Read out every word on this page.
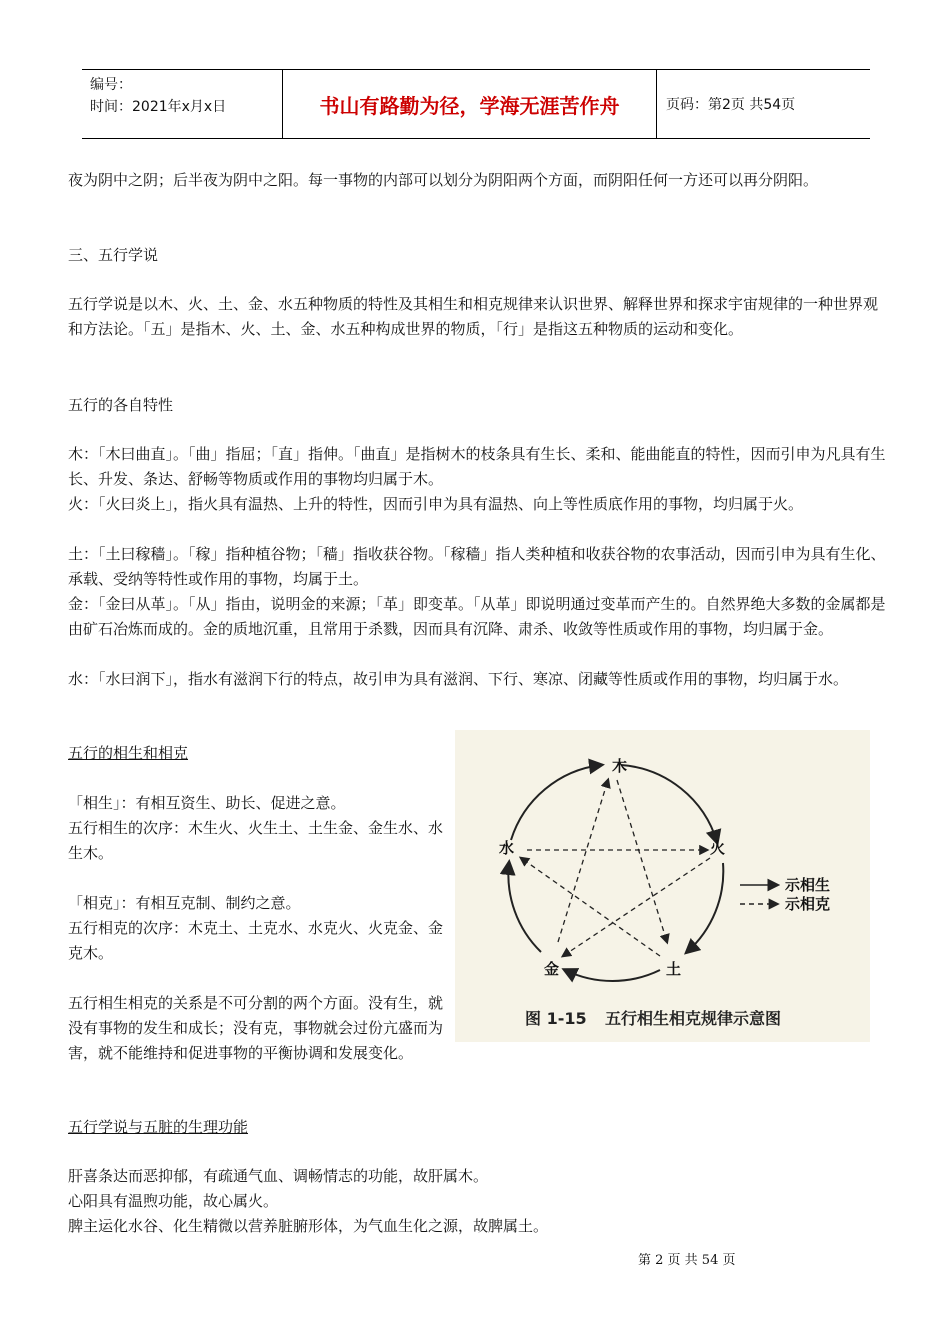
编号：
时间：2021年x月x日	书山有路勤为径，学海无涯苦作舟	页码：第2页 共54页

夜为阴中之阴；后半夜为阴中之阳。每一事物的内部可以划分为阴阳两个方面，而阴阳任何一方还可以再分阴阳。

三、五行学说

五行学说是以木、火、土、金、水五种物质的特性及其相生和相克规律来认识世界、解释世界和探求宇宙规律的一种世界观和方法论。「五」是指木、火、土、金、水五种构成世界的物质，「行」是指这五种物质的运动和变化。

五行的各自特性

木：「木曰曲直」。「曲」指屈；「直」指伸。「曲直」是指树木的枝条具有生长、柔和、能曲能直的特性，因而引申为凡具有生长、升发、条达、舒畅等物质或作用的事物均归属于木。

火：「火曰炎上」，指火具有温热、上升的特性，因而引申为具有温热、向上等性质底作用的事物，均归属于火。

土：「土曰稼穑」。「稼」指种植谷物；「穑」指收获谷物。「稼穑」指人类种植和收获谷物的农事活动，因而引申为具有生化、承载、受纳等特性或作用的事物，均属于土。

金：「金曰从革」。「从」指由，说明金的来源；「革」即变革。「从革」即说明通过变革而产生的。自然界绝大多数的金属都是由矿石冶炼而成的。金的质地沉重，且常用于杀戮，因而具有沉降、肃杀、收敛等性质或作用的事物，均归属于金。

水：「水曰润下」，指水有滋润下行的特点，故引申为具有滋润、下行、寒凉、闭藏等性质或作用的事物，均归属于水。

五行的相生和相克

「相生」：有相互资生、助长、促进之意。

五行相生的次序：木生火、火生土、土生金、金生水、水生木。

「相克」：有相互克制、制约之意。

五行相克的次序：木克土、土克水、水克火、火克金、金克木。

五行相生相克的关系是不可分割的两个方面。没有生，就没有事物的发生和成长；没有克，事物就会过份亢盛而为害，就不能维持和促进事物的平衡协调和发展变化。

五行学说与五脏的生理功能

肝喜条达而恶抑郁，有疏通气血、调畅情志的功能，故肝属木。

心阳具有温煦功能，故心属火。

脾主运化水谷、化生精微以营养脏腑形体，为气血生化之源，故脾属土。

木
火
土
金
水
示相生
示相克
图 1-15 五行相生相克规律示意图
第 2 页 共 54 页
